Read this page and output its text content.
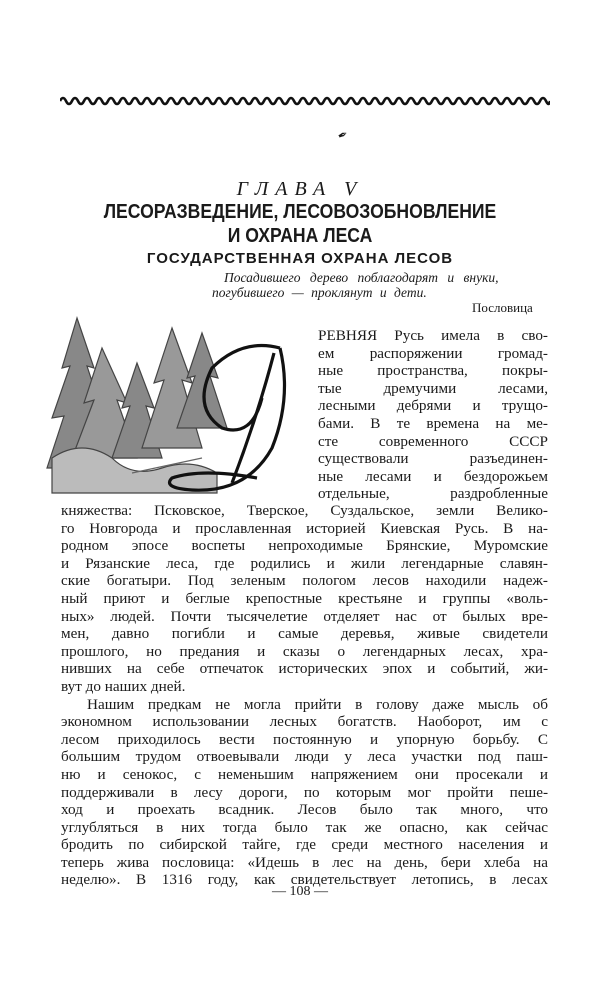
✒
ГЛАВА V
ЛЕСОРАЗВЕДЕНИЕ, ЛЕСОВОЗОБНОВЛЕНИЕ
И ОХРАНА ЛЕСА
ГОСУДАРСТВЕННАЯ ОХРАНА ЛЕСОВ
Посадившего дерево поблагодарят и внуки,
погубившего — проклянут и дети.
Пословица
РЕВНЯЯ Русь имела в сво-
ем распоряжении громад-
ные пространства, покры-
тые дремучими лесами,
лесными дебрями и трущо-
бами. В те времена на ме-
сте современного СССР
существовали разъединен-
ные лесами и бездорожьем
отдельные, раздробленные
княжества: Псковское, Тверское, Суздальское, земли Велико-
го Новгорода и прославленная историей Киевская Русь. В на-
родном эпосе воспеты непроходимые Брянские, Муромские
и Рязанские леса, где родились и жили легендарные славян-
ские богатыри. Под зеленым пологом лесов находили надеж-
ный приют и беглые крепостные крестьяне и группы «воль-
ных» людей. Почти тысячелетие отделяет нас от былых вре-
мен, давно погибли и самые деревья, живые свидетели
прошлого, но предания и сказы о легендарных лесах, хра-
нивших на себе отпечаток исторических эпох и событий, жи-
вут до наших дней.
Нашим предкам не могла прийти в голову даже мысль об
экономном использовании лесных богатств. Наоборот, им с
лесом приходилось вести постоянную и упорную борьбу. С
большим трудом отвоевывали люди у леса участки под паш-
ню и сенокос, с неменьшим напряжением они просекали и
поддерживали в лесу дороги, по которым мог пройти пеше-
ход и проехать всадник. Лесов было так много, что
углубляться в них тогда было так же опасно, как сейчас
бродить по сибирской тайге, где среди местного населения и
теперь жива пословица: «Идешь в лес на день, бери хлеба на
неделю». В 1316 году, как свидетельствует летопись, в лесах
— 108 —
